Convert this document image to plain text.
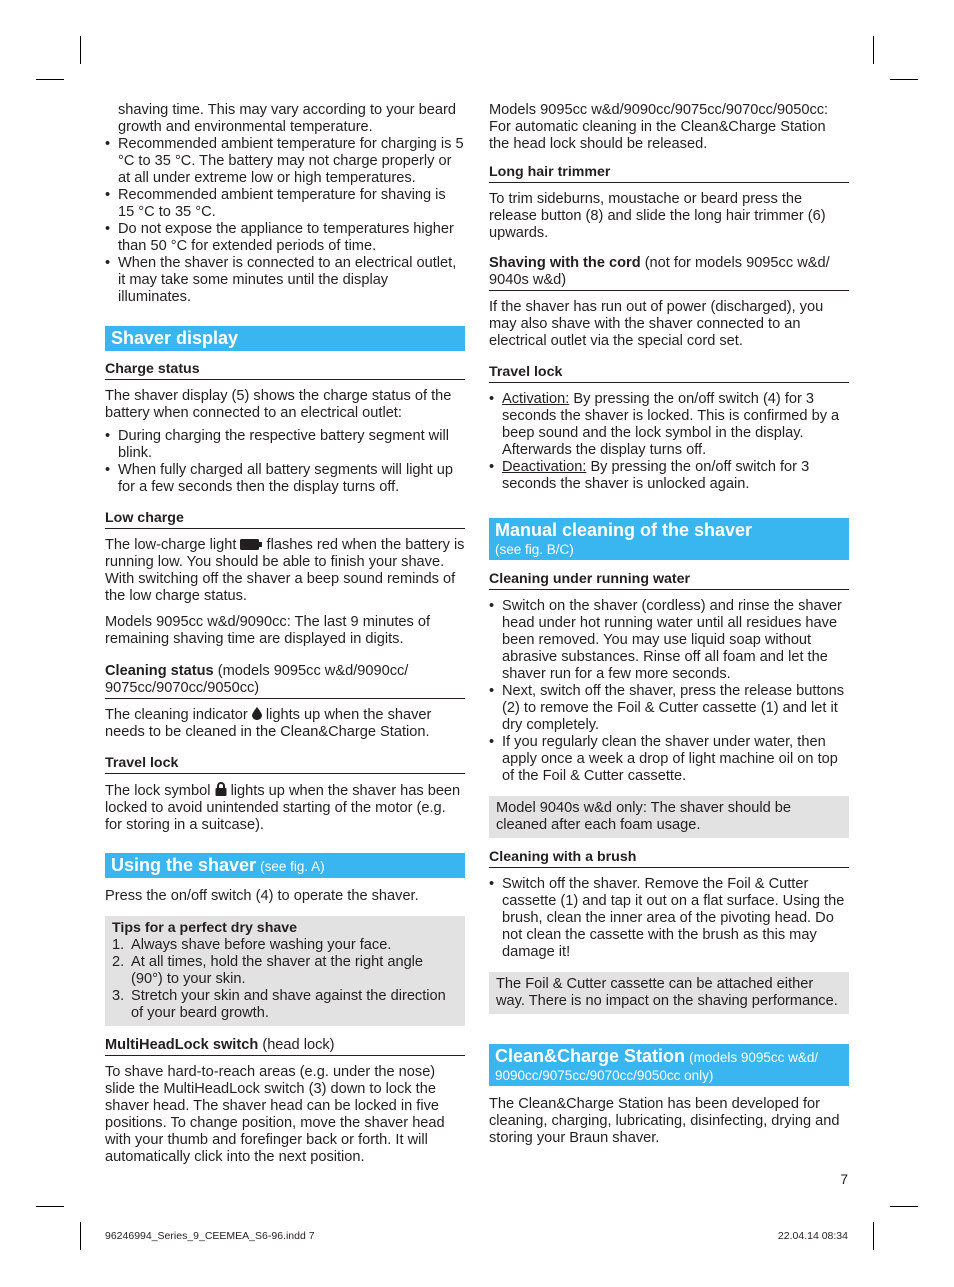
shaving time. This may vary according to your beard growth and environmental temperature.

• Recommended ambient temperature for charging is 5 °C to 35 °C. The battery may not charge properly or at all under extreme low or high temperatures.
• Recommended ambient temperature for shaving is 15 °C to 35 °C.
• Do not expose the appliance to temperatures higher than 50 °C for extended periods of time.
• When the shaver is connected to an electrical outlet, it may take some minutes until the display illuminates.
Shaver display
Charge status

The shaver display (5) shows the charge status of the battery when connected to an electrical outlet:

• During charging the respective battery segment will blink.
• When fully charged all battery segments will light up for a few seconds then the display turns off.
Low charge

The low-charge light flashes red when the battery is running low. You should be able to finish your shave. With switching off the shaver a beep sound reminds of the low charge status.

Models 9095cc w&d/9090cc: The last 9 minutes of remaining shaving time are displayed in digits.

Cleaning status (models 9095cc w&d/9090cc/ 9075cc/9070cc/9050cc)

The cleaning indicator lights up when the shaver needs to be cleaned in the Clean&Charge Station.

Travel lock

The lock symbol lights up when the shaver has been locked to avoid unintended starting of the motor (e.g. for storing in a suitcase).

Using the shaver (see fig. A)

Press the on/off switch (4) to operate the shaver.

Tips for a perfect dry shave
1. Always shave before washing your face.
2. At all times, hold the shaver at the right angle (90°) to your skin.
3. Stretch your skin and shave against the direction of your beard growth.
MultiHeadLock switch (head lock)

To shave hard-to-reach areas (e.g. under the nose) slide the MultiHeadLock switch (3) down to lock the shaver head. The shaver head can be locked in five positions. To change position, move the shaver head with your thumb and forefinger back or forth. It will automatically click into the next position.

Models 9095cc w&d/9090cc/9075cc/9070cc/9050cc: For automatic cleaning in the Clean&Charge Station the head lock should be released.

Long hair trimmer

To trim sideburns, moustache or beard press the release button (8) and slide the long hair trimmer (6) upwards.

Shaving with the cord (not for models 9095cc w&d/ 9040s w&d)

If the shaver has run out of power (discharged), you may also shave with the shaver connected to an electrical outlet via the special cord set.

Travel lock
• Activation: By pressing the on/off switch (4) for 3 seconds the shaver is locked. This is confirmed by a beep sound and the lock symbol in the display. Afterwards the display turns off.
• Deactivation: By pressing the on/off switch for 3 seconds the shaver is unlocked again.
Manual cleaning of the shaver
(see fig. B/C)
Cleaning under running water
• Switch on the shaver (cordless) and rinse the shaver head under hot running water until all residues have been removed. You may use liquid soap without abrasive substances. Rinse off all foam and let the shaver run for a few more seconds.
• Next, switch off the shaver, press the release buttons (2) to remove the Foil & Cutter cassette (1) and let it dry completely.
• If you regularly clean the shaver under water, then apply once a week a drop of light machine oil on top of the Foil & Cutter cassette.
Model 9040s w&d only: The shaver should be cleaned after each foam usage.
Cleaning with a brush
• Switch off the shaver. Remove the Foil & Cutter cassette (1) and tap it out on a flat surface. Using the brush, clean the inner area of the pivoting head. Do not clean the cassette with the brush as this may damage it!
The Foil & Cutter cassette can be attached either way. There is no impact on the shaving performance.
Clean&Charge Station (models 9095cc w&d/
9090cc/9075cc/9070cc/9050cc only)

The Clean&Charge Station has been developed for cleaning, charging, lubricating, disinfecting, drying and storing your Braun shaver.

7
96246994_Series_9_CEEMEA_S6-96.indd 7	22.04.14 08:34
